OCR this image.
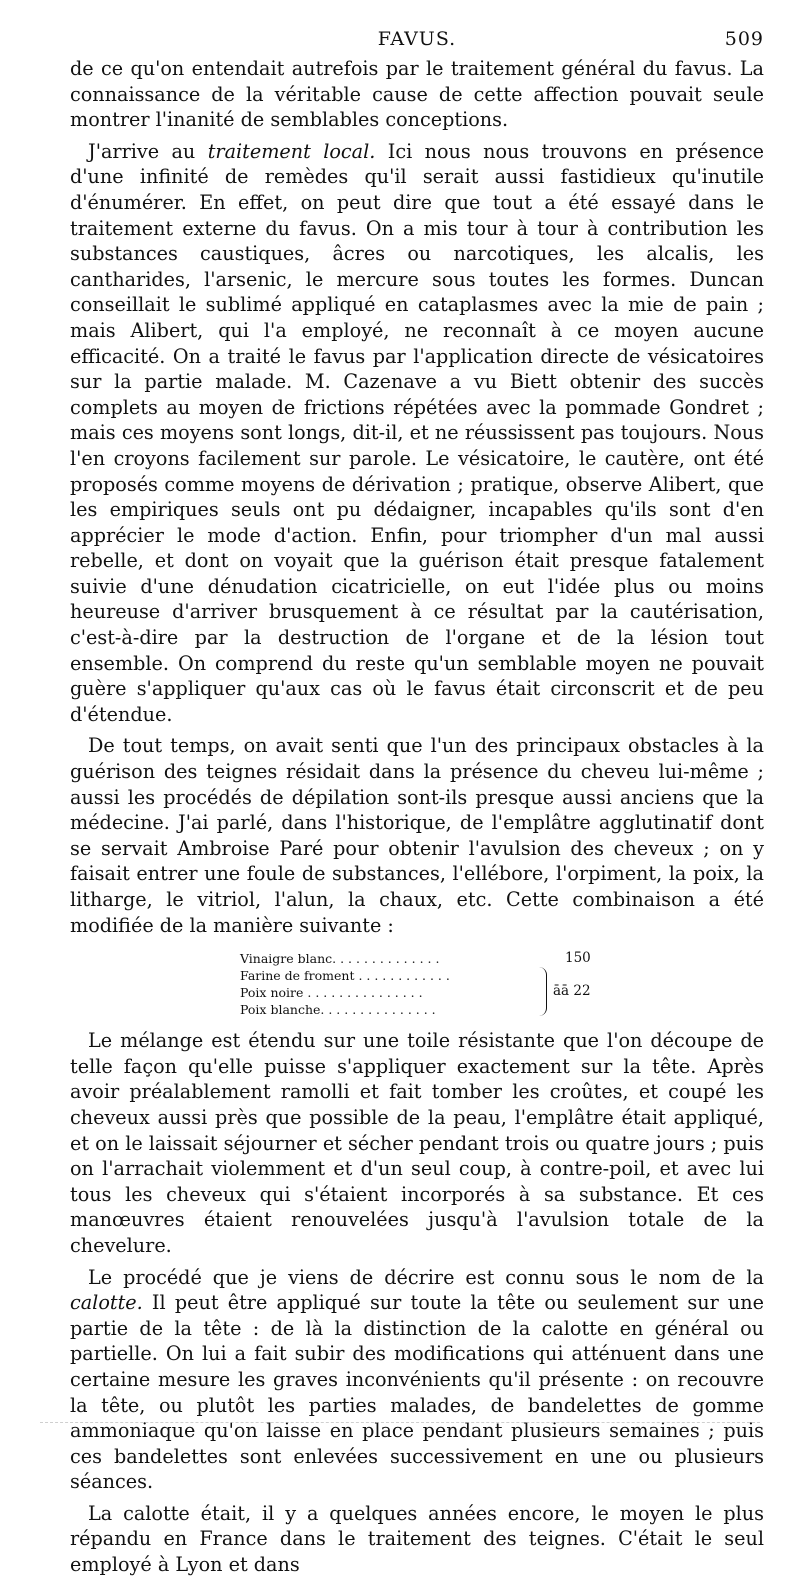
FAVUS.	509

de ce qu'on entendait autrefois par le traitement général du favus. La connaissance de la véritable cause de cette affection pouvait seule montrer l'inanité de semblables conceptions.

J'arrive au traitement local. Ici nous nous trouvons en présence d'une infinité de remèdes qu'il serait aussi fastidieux qu'inutile d'énumérer. En effet, on peut dire que tout a été essayé dans le traitement externe du favus. On a mis tour à tour à contribution les substances caustiques, âcres ou narcotiques, les alcalis, les cantharides, l'arsenic, le mercure sous toutes les formes. Duncan conseillait le sublimé appliqué en cataplasmes avec la mie de pain ; mais Alibert, qui l'a employé, ne reconnaît à ce moyen aucune efficacité. On a traité le favus par l'application directe de vésicatoires sur la partie malade. M. Cazenave a vu Biett obtenir des succès complets au moyen de frictions répétées avec la pommade Gondret ; mais ces moyens sont longs, dit-il, et ne réussissent pas toujours. Nous l'en croyons facilement sur parole. Le vésicatoire, le cautère, ont été proposés comme moyens de dérivation ; pratique, observe Alibert, que les empiriques seuls ont pu dédaigner, incapables qu'ils sont d'en apprécier le mode d'action. Enfin, pour triompher d'un mal aussi rebelle, et dont on voyait que la guérison était presque fatalement suivie d'une dénudation cicatricielle, on eut l'idée plus ou moins heureuse d'arriver brusquement à ce résultat par la cautérisation, c'est-à-dire par la destruction de l'organe et de la lésion tout ensemble. On comprend du reste qu'un semblable moyen ne pouvait guère s'appliquer qu'aux cas où le favus était circonscrit et de peu d'étendue.

De tout temps, on avait senti que l'un des principaux obstacles à la guérison des teignes résidait dans la présence du cheveu lui-même ; aussi les procédés de dépilation sont-ils presque aussi anciens que la médecine. J'ai parlé, dans l'historique, de l'emplâtre agglutinatif dont se servait Ambroise Paré pour obtenir l'avulsion des cheveux ; on y faisait entrer une foule de substances, l'ellébore, l'orpiment, la poix, la litharge, le vitriol, l'alun, la chaux, etc. Cette combinaison a été modifiée de la manière suivante :

Vinaigre blanc. . . . . . . . . . . . . .	150
Farine de froment . . . . . . . . . . . .
Poix noire . . . . . . . . . . . . . . .
Poix blanche. . . . . . . . . . . . . . .
āā 22

Le mélange est étendu sur une toile résistante que l'on découpe de telle façon qu'elle puisse s'appliquer exactement sur la tête. Après avoir préalablement ramolli et fait tomber les croûtes, et coupé les cheveux aussi près que possible de la peau, l'emplâtre était appliqué, et on le laissait séjourner et sécher pendant trois ou quatre jours ; puis on l'arrachait violemment et d'un seul coup, à contre-poil, et avec lui tous les cheveux qui s'étaient incorporés à sa substance. Et ces manœuvres étaient renouvelées jusqu'à l'avulsion totale de la chevelure.

Le procédé que je viens de décrire est connu sous le nom de la calotte. Il peut être appliqué sur toute la tête ou seulement sur une partie de la tête : de là la distinction de la calotte en général ou partielle. On lui a fait subir des modifications qui atténuent dans une certaine mesure les graves inconvénients qu'il présente : on recouvre la tête, ou plutôt les parties malades, de bandelettes de gomme ammoniaque qu'on laisse en place pendant plusieurs semaines ; puis ces bandelettes sont enlevées successivement en une ou plusieurs séances.

La calotte était, il y a quelques années encore, le moyen le plus répandu en France dans le traitement des teignes. C'était le seul employé à Lyon et dans
